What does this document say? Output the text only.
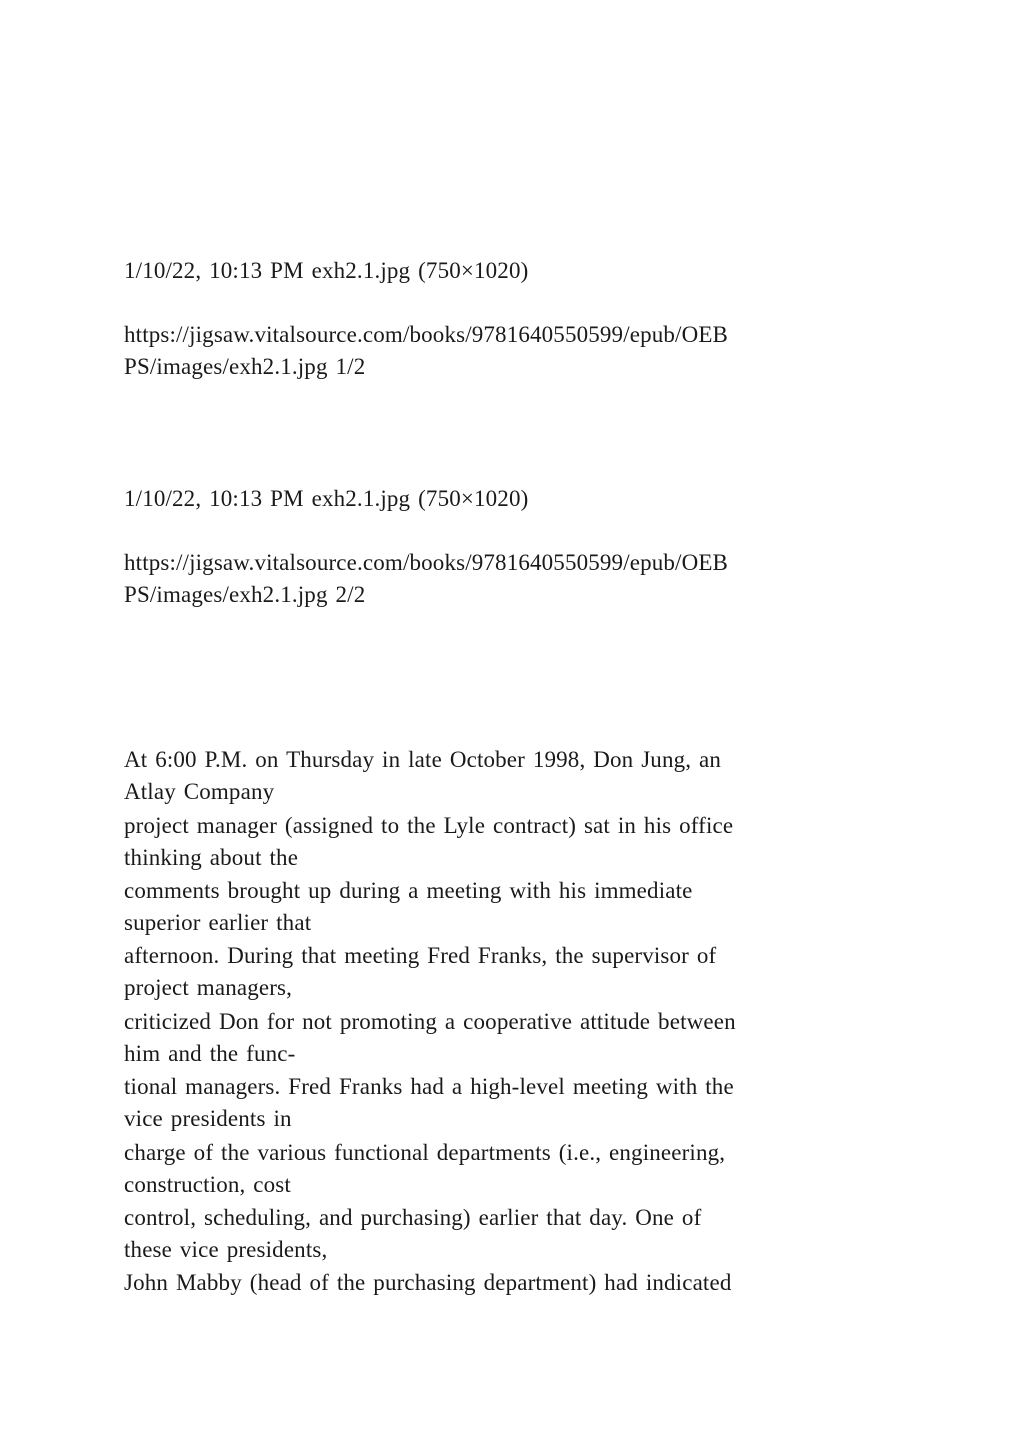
1/10/22, 10:13 PM exh2.1.jpg (750×1020)
https://jigsaw.vitalsource.com/books/9781640550599/epub/OEB
PS/images/exh2.1.jpg 1/2
1/10/22, 10:13 PM exh2.1.jpg (750×1020)
https://jigsaw.vitalsource.com/books/9781640550599/epub/OEB
PS/images/exh2.1.jpg 2/2
At 6:00 P.M. on Thursday in late October 1998, Don Jung, an
Atlay Company
project manager (assigned to the Lyle contract) sat in his office
thinking about the
comments brought up during a meeting with his immediate
superior earlier that
afternoon. During that meeting Fred Franks, the supervisor of
project managers,
criticized Don for not promoting a cooperative attitude between
him and the func-
tional managers. Fred Franks had a high-level meeting with the
vice presidents in
charge of the various functional departments (i.e., engineering,
construction, cost
control, scheduling, and purchasing) earlier that day. One of
these vice presidents,
John Mabby (head of the purchasing department) had indicated
